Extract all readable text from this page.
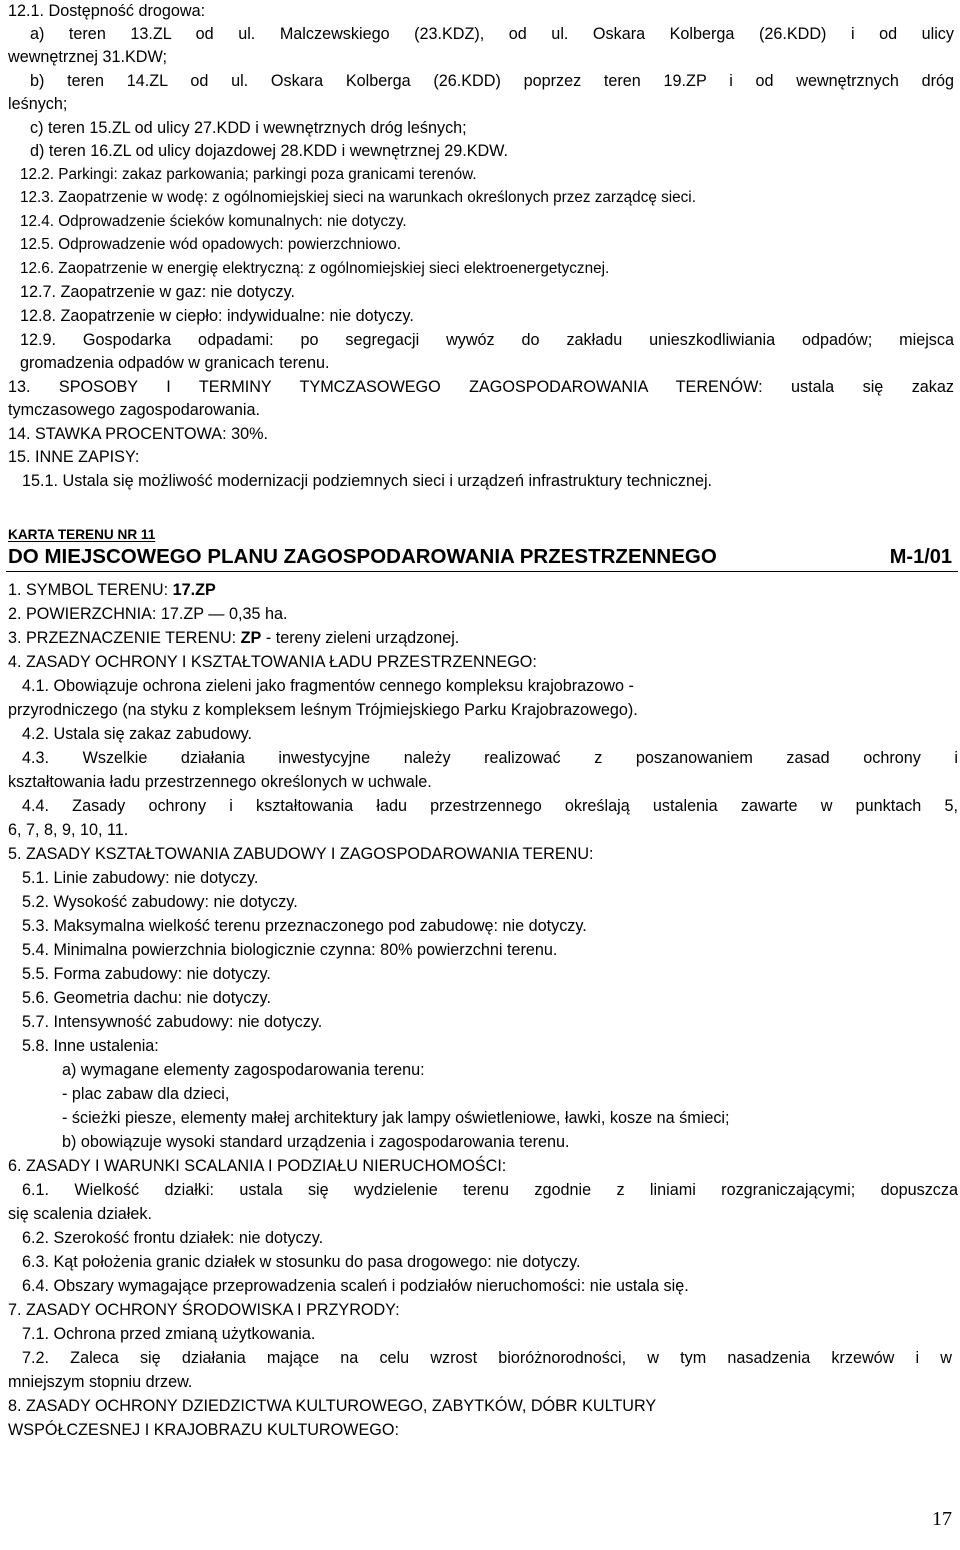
12.1. Dostępność drogowa:
a) teren 13.ZL od ul. Malczewskiego (23.KDZ), od ul. Oskara Kolberga (26.KDD) i od ulicy
wewnętrznej 31.KDW;
b) teren 14.ZL od ul. Oskara Kolberga (26.KDD) poprzez teren 19.ZP i od wewnętrznych dróg
leśnych;
c) teren 15.ZL od ulicy 27.KDD i wewnętrznych dróg leśnych;
d) teren 16.ZL od ulicy dojazdowej 28.KDD i wewnętrznej 29.KDW.
12.2. Parkingi: zakaz parkowania; parkingi poza granicami terenów.
12.3. Zaopatrzenie w wodę: z ogólnomiejskiej sieci na warunkach określonych przez zarządcę sieci.
12.4. Odprowadzenie ścieków komunalnych: nie dotyczy.
12.5. Odprowadzenie wód opadowych: powierzchniowo.
12.6. Zaopatrzenie w energię elektryczną: z ogólnomiejskiej sieci elektroenergetycznej.
12.7. Zaopatrzenie w gaz: nie dotyczy.
12.8. Zaopatrzenie w ciepło: indywidualne: nie dotyczy.
12.9. Gospodarka odpadami: po segregacji wywóz do zakładu unieszkodliwiania odpadów; miejsca
gromadzenia odpadów w granicach terenu.
13. SPOSOBY I TERMINY TYMCZASOWEGO ZAGOSPODAROWANIA TERENÓW: ustala się zakaz
tymczasowego zagospodarowania.
14. STAWKA PROCENTOWA: 30%.
15. INNE ZAPISY:
15.1. Ustala się możliwość modernizacji podziemnych sieci i urządzeń infrastruktury technicznej.
KARTA TERENU NR 11
DO MIEJSCOWEGO PLANU ZAGOSPODAROWANIA PRZESTRZENNEGO	M-1/01
1. SYMBOL TERENU: 17.ZP
2. POWIERZCHNIA: 17.ZP — 0,35 ha.
3. PRZEZNACZENIE TERENU: ZP - tereny zieleni urządzonej.
4. ZASADY OCHRONY I KSZTAŁTOWANIA ŁADU PRZESTRZENNEGO:
4.1. Obowiązuje ochrona zieleni jako fragmentów cennego kompleksu krajobrazowo -
przyrodniczego (na styku z kompleksem leśnym Trójmiejskiego Parku Krajobrazowego).
4.2. Ustala się zakaz zabudowy.
4.3. Wszelkie działania inwestycyjne należy realizować z poszanowaniem zasad ochrony i
kształtowania ładu przestrzennego określonych w uchwale.
4.4. Zasady ochrony i kształtowania ładu przestrzennego określają ustalenia zawarte w punktach 5,
6, 7, 8, 9, 10, 11.
5. ZASADY KSZTAŁTOWANIA ZABUDOWY I ZAGOSPODAROWANIA TERENU:
5.1. Linie zabudowy: nie dotyczy.
5.2. Wysokość zabudowy: nie dotyczy.
5.3. Maksymalna wielkość terenu przeznaczonego pod zabudowę: nie dotyczy.
5.4. Minimalna powierzchnia biologicznie czynna: 80% powierzchni terenu.
5.5. Forma zabudowy: nie dotyczy.
5.6. Geometria dachu: nie dotyczy.
5.7. Intensywność zabudowy: nie dotyczy.
5.8. Inne ustalenia:
a) wymagane elementy zagospodarowania terenu:
- plac zabaw dla dzieci,
- ścieżki piesze, elementy małej architektury jak lampy oświetleniowe, ławki, kosze na śmieci;
b) obowiązuje wysoki standard urządzenia i zagospodarowania terenu.
6. ZASADY I WARUNKI SCALANIA I PODZIAŁU NIERUCHOMOŚCI:
6.1. Wielkość działki: ustala się wydzielenie terenu zgodnie z liniami rozgraniczającymi; dopuszcza
się scalenia działek.
6.2. Szerokość frontu działek: nie dotyczy.
6.3. Kąt położenia granic działek w stosunku do pasa drogowego: nie dotyczy.
6.4. Obszary wymagające przeprowadzenia scaleń i podziałów nieruchomości: nie ustala się.
7. ZASADY OCHRONY ŚRODOWISKA I PRZYRODY:
7.1. Ochrona przed zmianą użytkowania.
7.2. Zaleca się działania mające na celu wzrost bioróżnorodności, w tym nasadzenia krzewów i w
mniejszym stopniu drzew.
8. ZASADY OCHRONY DZIEDZICTWA KULTUROWEGO, ZABYTKÓW, DÓBR KULTURY
WSPÓŁCZESNEJ I KRAJOBRAZU KULTUROWEGO:
17
